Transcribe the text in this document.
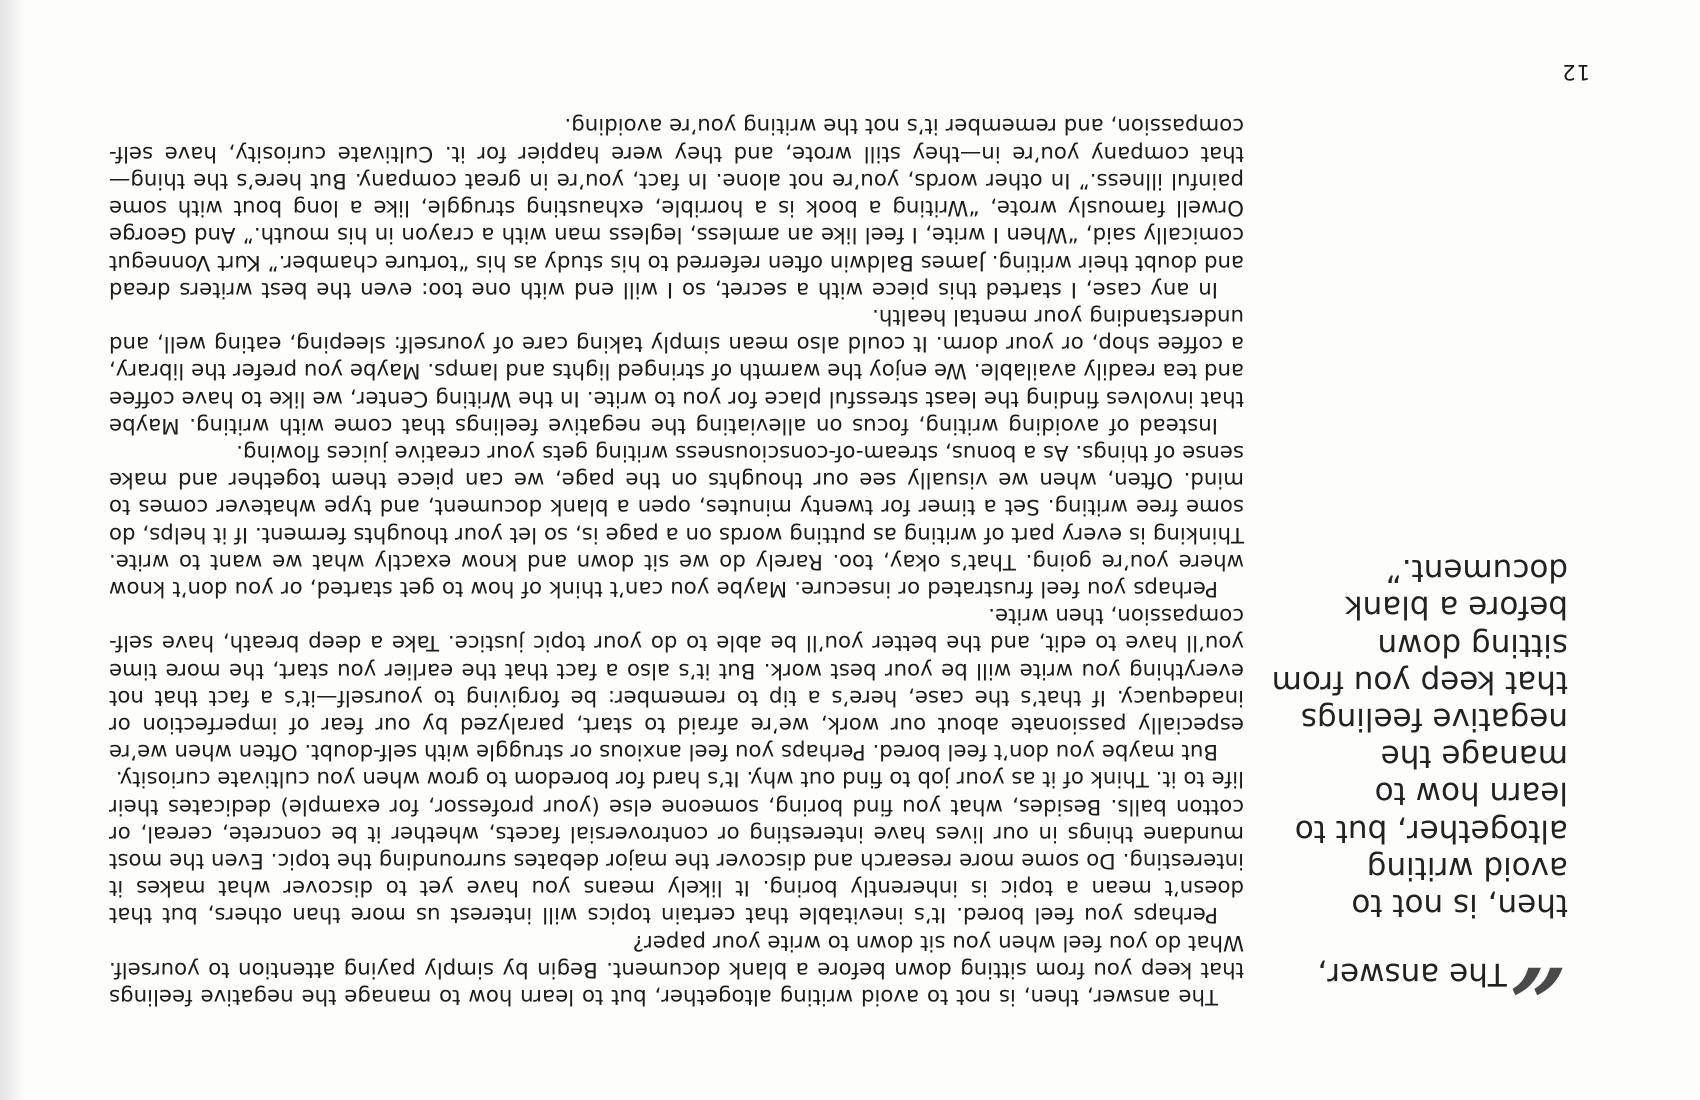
“The answer, then, is not to avoid writing altogether, but to learn how to manage the negative feelings that keep you from sitting down before a blank document.”

The answer, then, is not to avoid writing altogether, but to learn how to manage the negative feelings that keep you from sitting down before a blank document. Begin by simply paying attention to yourself. What do you feel when you sit down to write your paper?

Perhaps you feel bored. It’s inevitable that certain topics will interest us more than others, but that doesn’t mean a topic is inherently boring. It likely means you have yet to discover what makes it interesting. Do some more research and discover the major debates surrounding the topic. Even the most mundane things in our lives have interesting or controversial facets, whether it be concrete, cereal, or cotton balls. Besides, what you find boring, someone else (your professor, for example) dedicates their life to it. Think of it as your job to find out why. It’s hard for boredom to grow when you cultivate curiosity.

But maybe you don’t feel bored. Perhaps you feel anxious or struggle with self-doubt. Often when we’re especially passionate about our work, we’re afraid to start, paralyzed by our fear of imperfection or inadequacy. If that’s the case, here’s a tip to remember: be forgiving to yourself—it’s a fact that not everything you write will be your best work. But it’s also a fact that the earlier you start, the more time you’ll have to edit, and the better you’ll be able to do your topic justice. Take a deep breath, have self-compassion, then write.

Perhaps you feel frustrated or insecure. Maybe you can’t think of how to get started, or you don’t know where you’re going. That’s okay, too. Rarely do we sit down and know exactly what we want to write. Thinking is every part of writing as putting words on a page is, so let your thoughts ferment. If it helps, do some free writing. Set a timer for twenty minutes, open a blank document, and type whatever comes to mind. Often, when we visually see our thoughts on the page, we can piece them together and make sense of things. As a bonus, stream-of-consciousness writing gets your creative juices flowing.

Instead of avoiding writing, focus on alleviating the negative feelings that come with writing. Maybe that involves finding the least stressful place for you to write. In the Writing Center, we like to have coffee and tea readily available. We enjoy the warmth of stringed lights and lamps. Maybe you prefer the library, a coffee shop, or your dorm. It could also mean simply taking care of yourself: sleeping, eating well, and understanding your mental health.

In any case, I started this piece with a secret, so I will end with one too: even the best writers dread and doubt their writing. James Baldwin often referred to his study as his “torture chamber.” Kurt Vonnegut comically said, “When I write, I feel like an armless, legless man with a crayon in his mouth.” And George Orwell famously wrote, “Writing a book is a horrible, exhausting struggle, like a long bout with some painful illness.” In other words, you’re not alone. In fact, you’re in great company. But here’s the thing—that company you’re in—they still wrote, and they were happier for it. Cultivate curiosity, have self-compassion, and remember it’s not the writing you’re avoiding.

12
